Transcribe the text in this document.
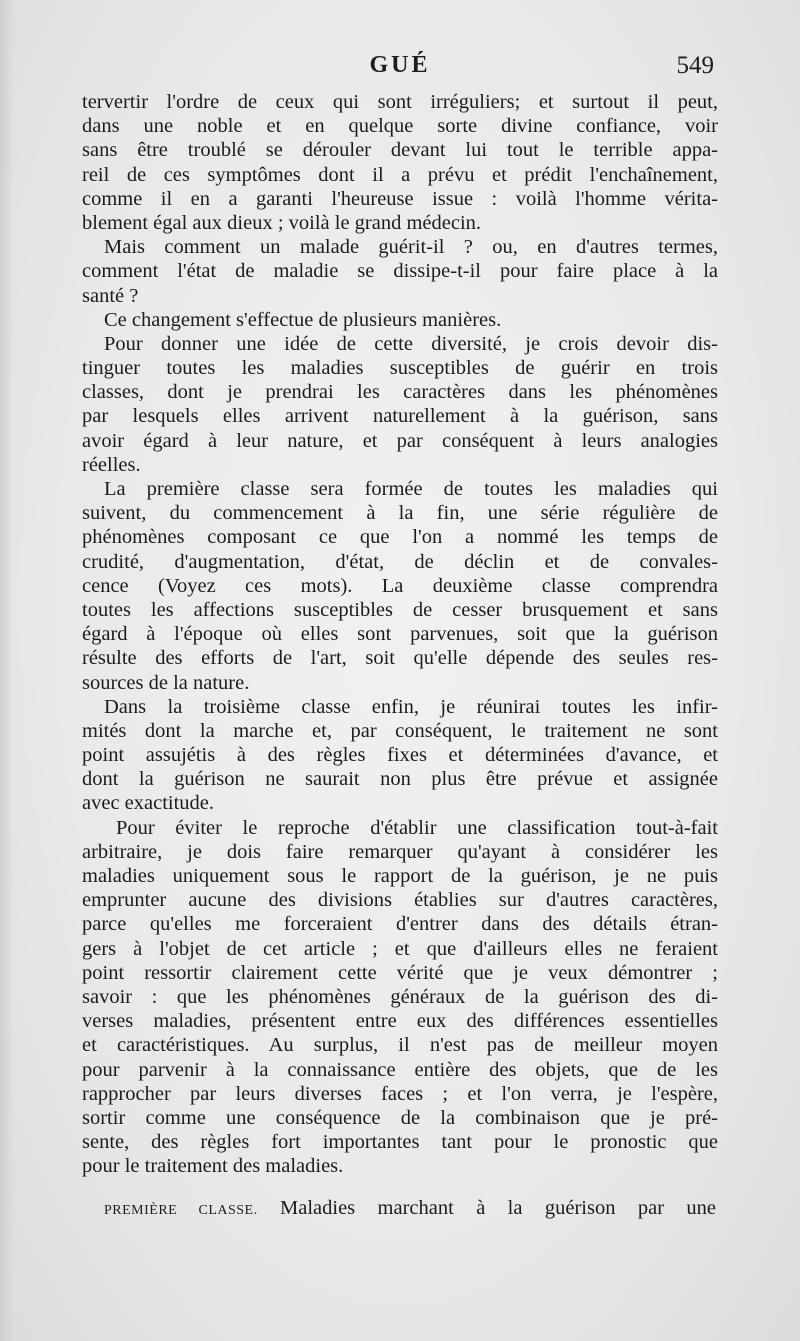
GUÉ	549
tervertir l'ordre de ceux qui sont irréguliers; et surtout il peut,
dans une noble et en quelque sorte divine confiance, voir
sans être troublé se dérouler devant lui tout le terrible appa-
reil de ces symptômes dont il a prévu et prédit l'enchaînement,
comme il en a garanti l'heureuse issue : voilà l'homme vérita-
blement égal aux dieux ; voilà le grand médecin.
Mais comment un malade guérit-il ? ou, en d'autres termes,
comment l'état de maladie se dissipe-t-il pour faire place à la
santé ?
Ce changement s'effectue de plusieurs manières.
Pour donner une idée de cette diversité, je crois devoir dis-
tinguer toutes les maladies susceptibles de guérir en trois
classes, dont je prendrai les caractères dans les phénomènes
par lesquels elles arrivent naturellement à la guérison, sans
avoir égard à leur nature, et par conséquent à leurs analogies
réelles.
La première classe sera formée de toutes les maladies qui
suivent, du commencement à la fin, une série régulière de
phénomènes composant ce que l'on a nommé les temps de
crudité, d'augmentation, d'état, de déclin et de convales-
cence (Voyez ces mots). La deuxième classe comprendra
toutes les affections susceptibles de cesser brusquement et sans
égard à l'époque où elles sont parvenues, soit que la guérison
résulte des efforts de l'art, soit qu'elle dépende des seules res-
sources de la nature.
Dans la troisième classe enfin, je réunirai toutes les infir-
mités dont la marche et, par conséquent, le traitement ne sont
point assujétis à des règles fixes et déterminées d'avance, et
dont la guérison ne saurait non plus être prévue et assignée
avec exactitude.
Pour éviter le reproche d'établir une classification tout-à-fait
arbitraire, je dois faire remarquer qu'ayant à considérer les
maladies uniquement sous le rapport de la guérison, je ne puis
emprunter aucune des divisions établies sur d'autres caractères,
parce qu'elles me forceraient d'entrer dans des détails étran-
gers à l'objet de cet article ; et que d'ailleurs elles ne feraient
point ressortir clairement cette vérité que je veux démontrer ;
savoir : que les phénomènes généraux de la guérison des di-
verses maladies, présentent entre eux des différences essentielles
et caractéristiques. Au surplus, il n'est pas de meilleur moyen
pour parvenir à la connaissance entière des objets, que de les
rapprocher par leurs diverses faces ; et l'on verra, je l'espère,
sortir comme une conséquence de la combinaison que je pré-
sente, des règles fort importantes tant pour le pronostic que
pour le traitement des maladies.
PREMIÈRE CLASSE. Maladies marchant à la guérison par une
